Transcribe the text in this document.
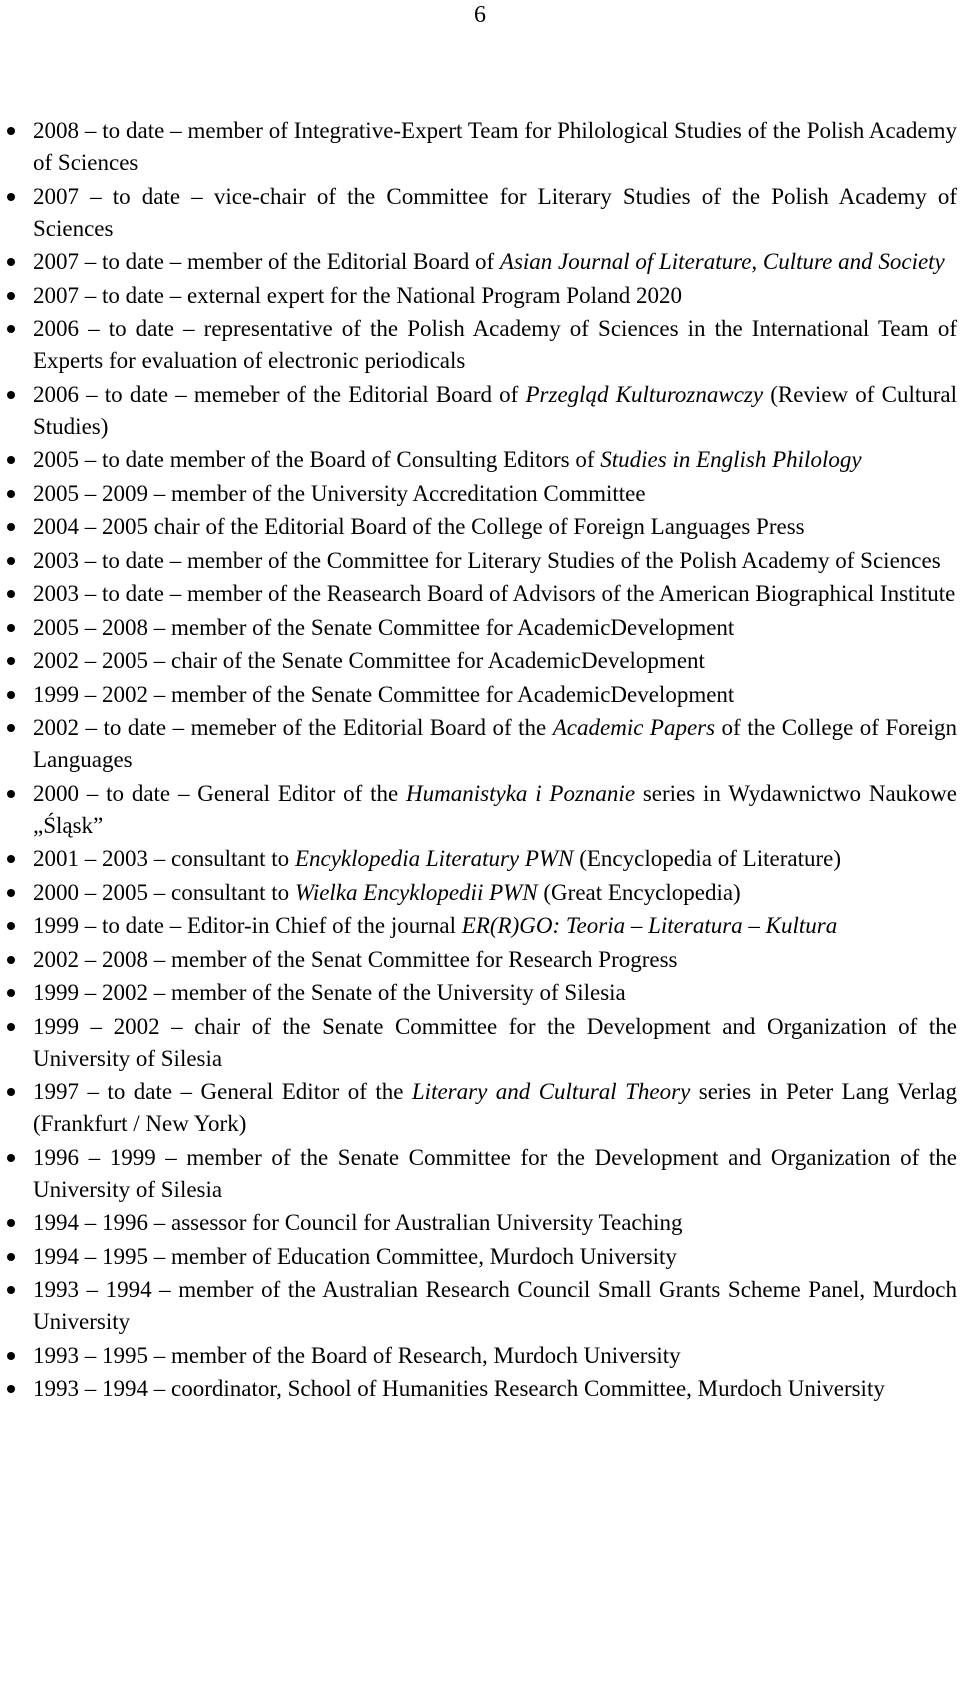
6
2008 – to date – member of Integrative-Expert Team for Philological Studies of the Polish Academy of Sciences
2007 – to date – vice-chair of the Committee for Literary Studies of the Polish Academy of Sciences
2007 – to date – member of the Editorial Board of Asian Journal of Literature, Culture and Society
2007 – to date – external expert for the National Program Poland 2020
2006 – to date – representative of the Polish Academy of Sciences in the International Team of Experts for evaluation of electronic periodicals
2006 – to date – memeber of the Editorial Board of Przegląd Kulturoznawczy (Review of Cultural Studies)
2005 – to date member of the Board of Consulting Editors of Studies in English Philology
2005 – 2009 – member of the University Accreditation Committee
2004 – 2005 chair of the Editorial Board of the College of Foreign Languages Press
2003 – to date – member of the Committee for Literary Studies of the Polish Academy of Sciences
2003 – to date – member of the Reasearch Board of Advisors of the American Biographical Institute
2005 – 2008 – member of the Senate Committee for AcademicDevelopment
2002 – 2005 – chair of the Senate Committee for AcademicDevelopment
1999 – 2002 – member of the Senate Committee for AcademicDevelopment
2002 – to date – memeber of the Editorial Board of the Academic Papers of the College of Foreign Languages
2000 – to date – General Editor of the Humanistyka i Poznanie series in Wydawnictwo Naukowe „Śląsk”
2001 – 2003 – consultant to Encyklopedia Literatury PWN (Encyclopedia of Literature)
2000 – 2005 – consultant to Wielka Encyklopedii PWN (Great Encyclopedia)
1999 – to date – Editor-in Chief of the journal ER(R)GO: Teoria – Literatura – Kultura
2002 – 2008 – member of the Senat Committee for Research Progress
1999 – 2002 – member of the Senate of the University of Silesia
1999 – 2002 – chair of the Senate Committee for the Development and Organization of the University of Silesia
1997 – to date – General Editor of the Literary and Cultural Theory series in Peter Lang Verlag (Frankfurt / New York)
1996 – 1999 – member of the Senate Committee for the Development and Organization of the University of Silesia
1994 – 1996 – assessor for Council for Australian University Teaching
1994 – 1995 – member of Education Committee, Murdoch University
1993 – 1994 – member of the Australian Research Council Small Grants Scheme Panel, Murdoch University
1993 – 1995 – member of the Board of Research, Murdoch University
1993 – 1994 – coordinator, School of Humanities Research Committee, Murdoch University
